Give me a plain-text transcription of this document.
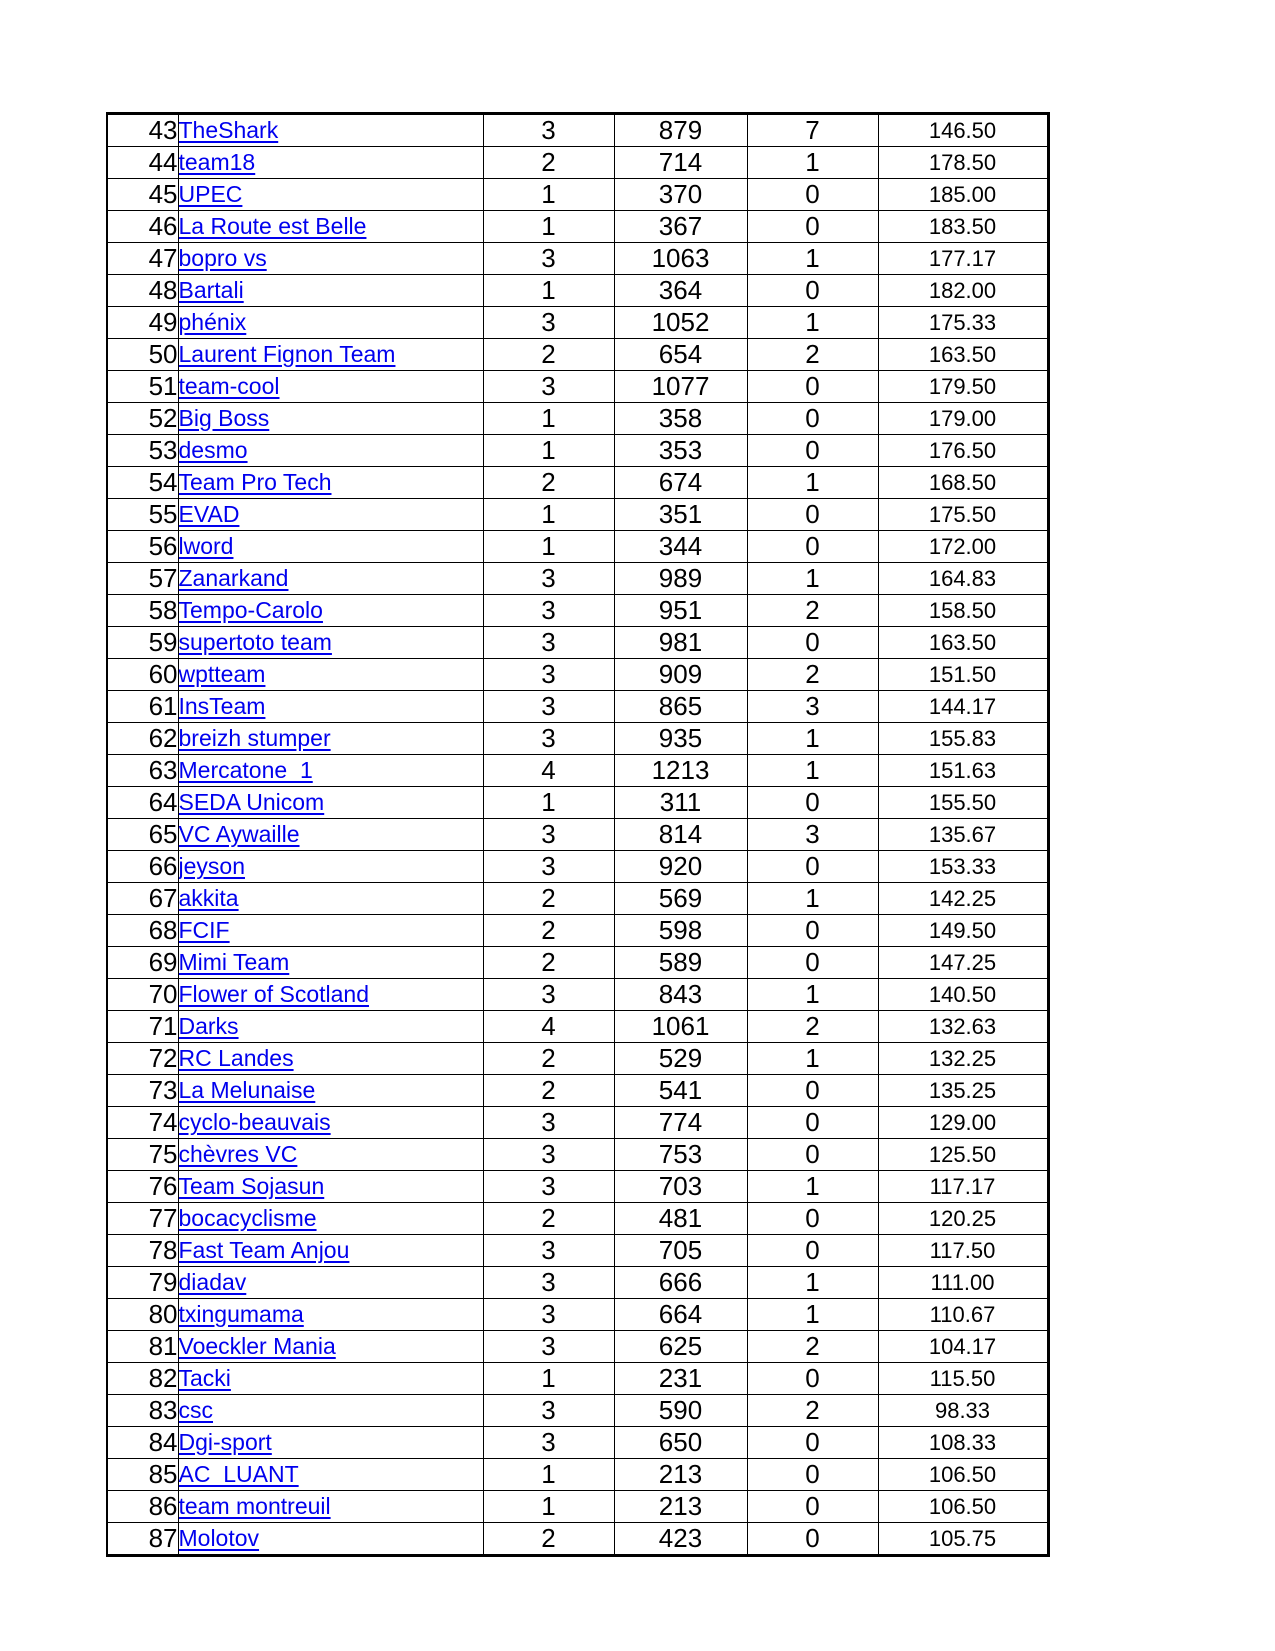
43	TheShark	3	879	7	146.50
44	team18	2	714	1	178.50
45	UPEC	1	370	0	185.00
46	La Route est Belle	1	367	0	183.50
47	bopro vs	3	1063	1	177.17
48	Bartali	1	364	0	182.00
49	phénix	3	1052	1	175.33
50	Laurent Fignon Team	2	654	2	163.50
51	team-cool	3	1077	0	179.50
52	Big Boss	1	358	0	179.00
53	desmo	1	353	0	176.50
54	Team Pro Tech	2	674	1	168.50
55	EVAD	1	351	0	175.50
56	lword	1	344	0	172.00
57	Zanarkand	3	989	1	164.83
58	Tempo-Carolo	3	951	2	158.50
59	supertoto team	3	981	0	163.50
60	wptteam	3	909	2	151.50
61	InsTeam	3	865	3	144.17
62	breizh stumper	3	935	1	155.83
63	Mercatone_1	4	1213	1	151.63
64	SEDA Unicom	1	311	0	155.50
65	VC Aywaille	3	814	3	135.67
66	jeyson	3	920	0	153.33
67	akkita	2	569	1	142.25
68	FCIF	2	598	0	149.50
69	Mimi Team	2	589	0	147.25
70	Flower of Scotland	3	843	1	140.50
71	Darks	4	1061	2	132.63
72	RC Landes	2	529	1	132.25
73	La Melunaise	2	541	0	135.25
74	cyclo-beauvais	3	774	0	129.00
75	chèvres VC	3	753	0	125.50
76	Team Sojasun	3	703	1	117.17
77	bocacyclisme	2	481	0	120.25
78	Fast Team Anjou	3	705	0	117.50
79	diadav	3	666	1	111.00
80	txingumama	3	664	1	110.67
81	Voeckler Mania	3	625	2	104.17
82	Tacki	1	231	0	115.50
83	csc	3	590	2	98.33
84	Dgi-sport	3	650	0	108.33
85	AC_LUANT	1	213	0	106.50
86	team montreuil	1	213	0	106.50
87	Molotov	2	423	0	105.75
